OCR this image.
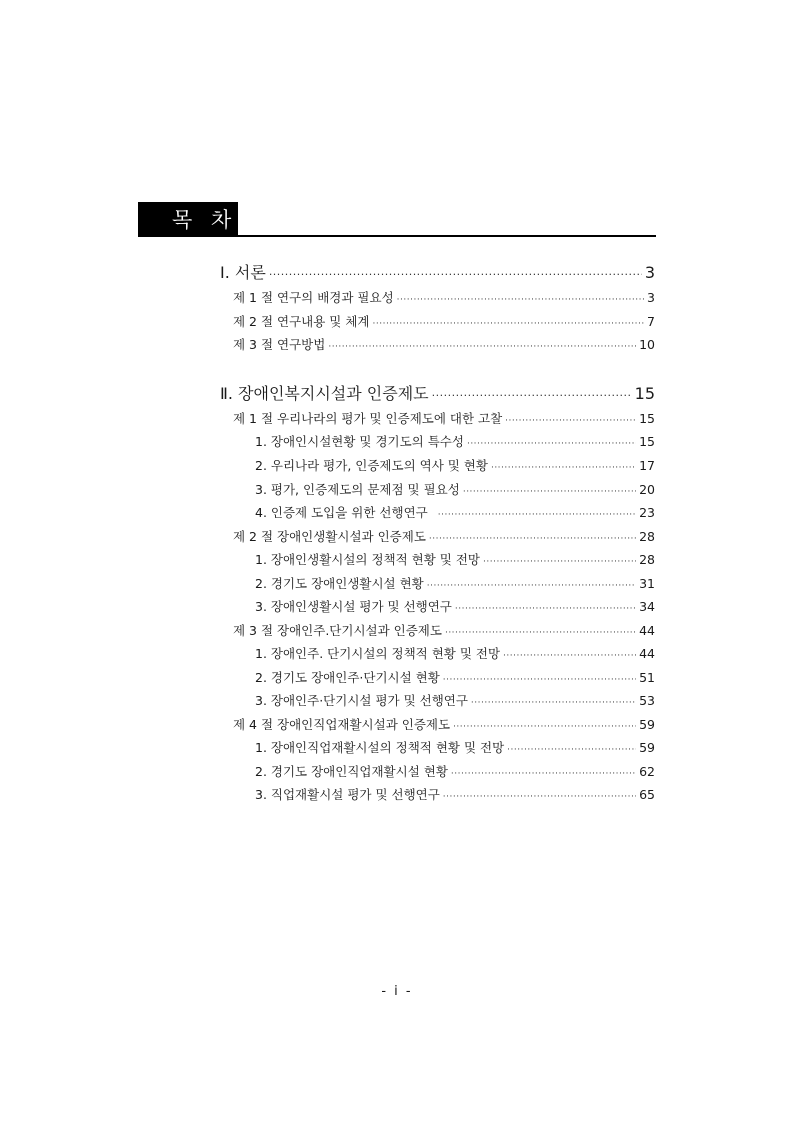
목 차
Ⅰ. 서론 ·····	3
제 1 절 연구의 배경과 필요성 ·····	3
제 2 절 연구내용 및 체계 ·····	7
제 3 절 연구방법 ·····	10
Ⅱ. 장애인복지시설과 인증제도 ·····	15
제 1 절 우리나라의 평가 및 인증제도에 대한 고찰 ·····	15
1. 장애인시설현황 및 경기도의 특수성 ·····	15
2. 우리나라 평가, 인증제도의 역사 및 현황 ·····	17
3. 평가, 인증제도의 문제점 및 필요성 ·····	20
4. 인증제 도입을 위한 선행연구 ·····	23
제 2 절 장애인생활시설과 인증제도 ·····	28
1. 장애인생활시설의 정책적 현황 및 전망 ·····	28
2. 경기도 장애인생활시설 현황 ·····	31
3. 장애인생활시설 평가 및 선행연구 ·····	34
제 3 절 장애인주.단기시설과 인증제도 ·····	44
1. 장애인주. 단기시설의 정책적 현황 및 전망 ·····	44
2. 경기도 장애인주·단기시설 현황 ·····	51
3. 장애인주·단기시설 평가 및 선행연구 ·····	53
제 4 절 장애인직업재활시설과 인증제도 ·····	59
1. 장애인직업재활시설의 정책적 현황 및 전망 ·····	59
2. 경기도 장애인직업재활시설 현황 ·····	62
3. 직업재활시설 평가 및 선행연구 ·····	65
- i -
